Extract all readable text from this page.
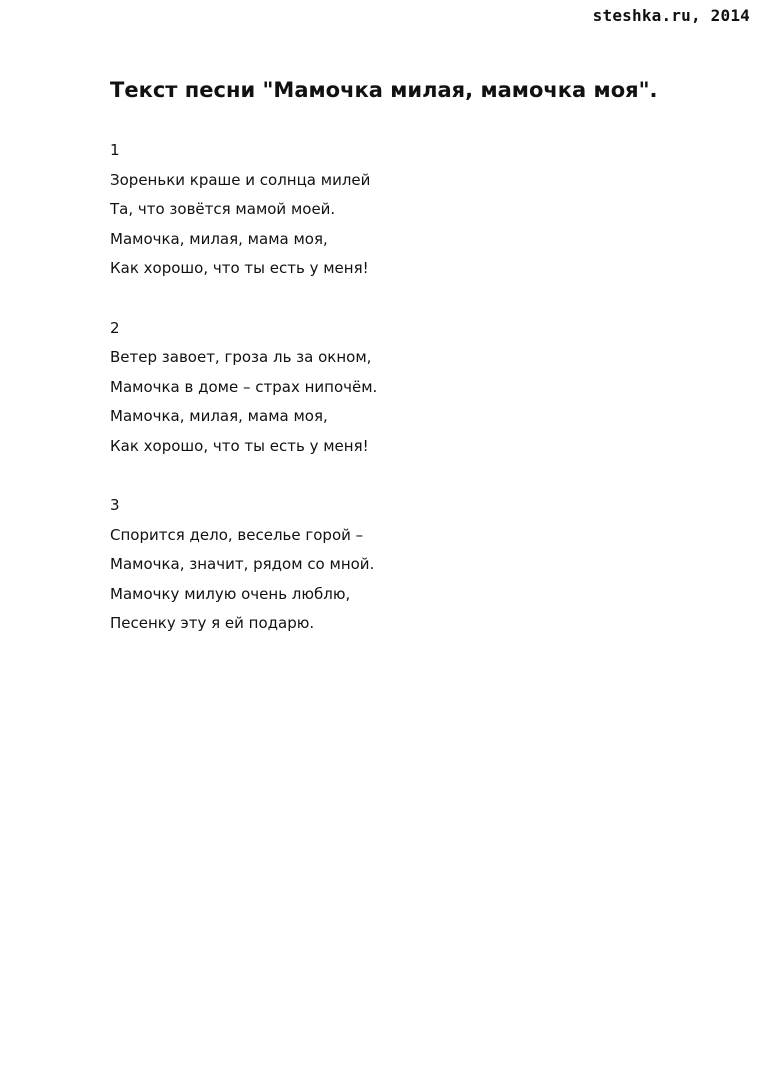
steshka.ru, 2014
Текст песни "Мамочка милая, мамочка моя".
1
Зореньки краше и солнца милей
Та, что зовётся мамой моей.
Мамочка, милая, мама моя,
Как хорошо, что ты есть у меня!
2
Ветер завоет, гроза ль за окном,
Мамочка в доме – страх нипочём.
Мамочка, милая, мама моя,
Как хорошо, что ты есть у меня!
3
Спорится дело, веселье горой –
Мамочка, значит, рядом со мной.
Мамочку милую очень люблю,
Песенку эту я ей подарю.
